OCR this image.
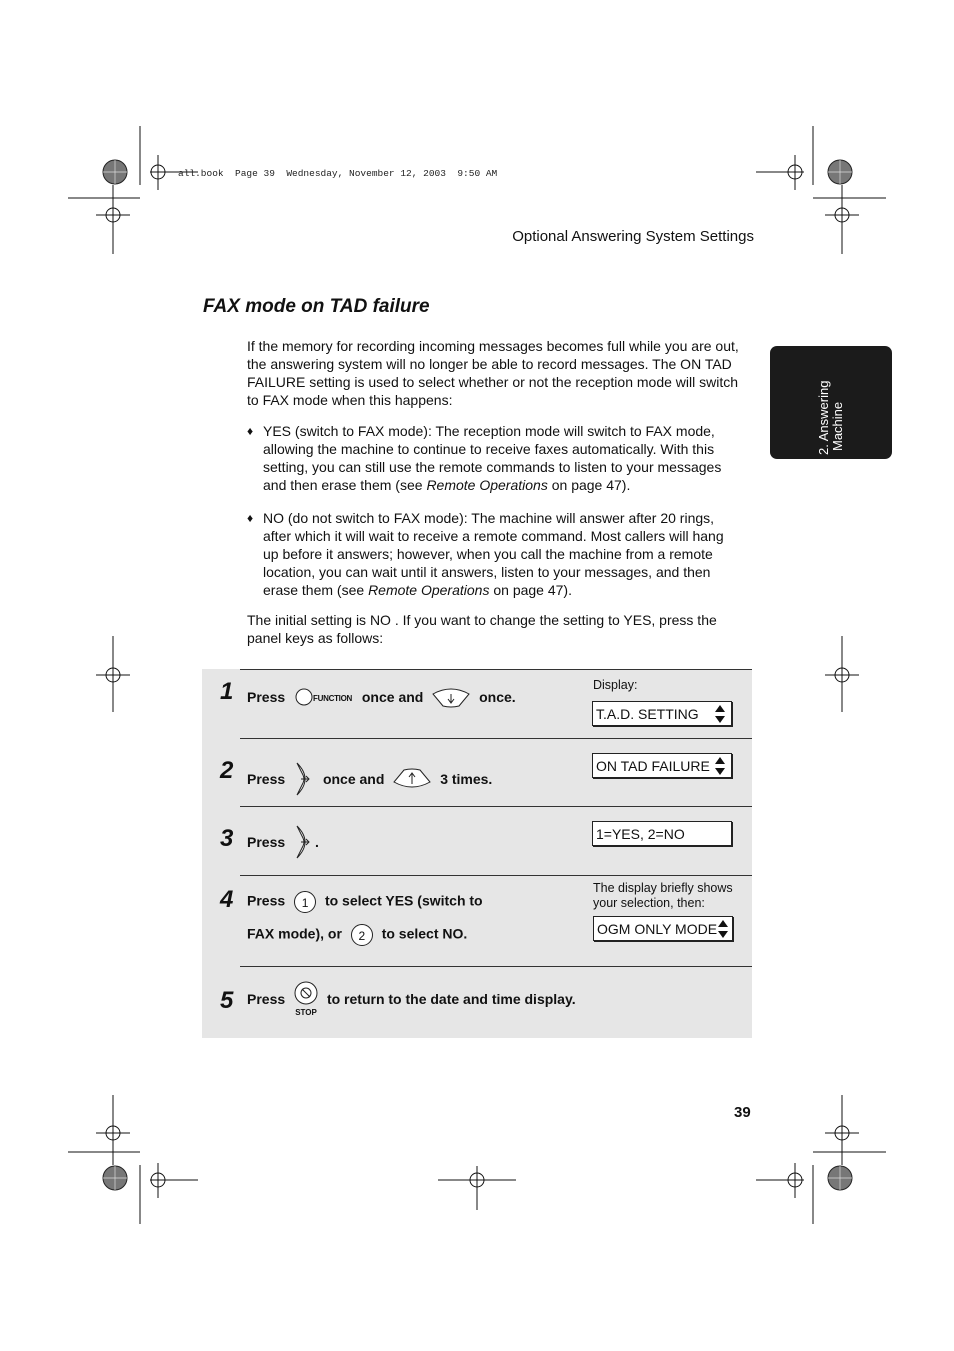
all.book  Page 39  Wednesday, November 12, 2003  9:50 AM
Optional Answering System Settings
2. Answering Machine
FAX mode on TAD failure
If the memory for recording incoming messages becomes full while you are out, the answering system will no longer be able to record messages. The ON TAD FAILURE setting is used to select whether or not the reception mode will switch to FAX mode when this happens:
♦ YES (switch to FAX mode): The reception mode will switch to FAX mode, allowing the machine to continue to receive faxes automatically. With this setting, you can still use the remote commands to listen to your messages and then erase them (see Remote Operations on page 47).
♦ NO (do not switch to FAX mode): The machine will answer after 20 rings, after which it will wait to receive a remote command. Most callers will hang up before it answers; however, when you call the machine from a remote location, you can wait until it answers, listen to your messages, and then erase them (see Remote Operations on page 47).
The initial setting is NO . If you want to change the setting to YES, press the panel keys as follows:
1 Press	FUNCTION once and	once.
Display:
T.A.D. SETTING
2 Press	once and	3 times.
ON TAD FAILURE
3 Press .
1=YES, 2=NO
4 Press 1 to select YES (switch to
FAX mode), or 2 to select NO.
The display briefly shows your selection, then:
OGM ONLY MODE
5 Press
STOP
to return to the date and time display.
39
